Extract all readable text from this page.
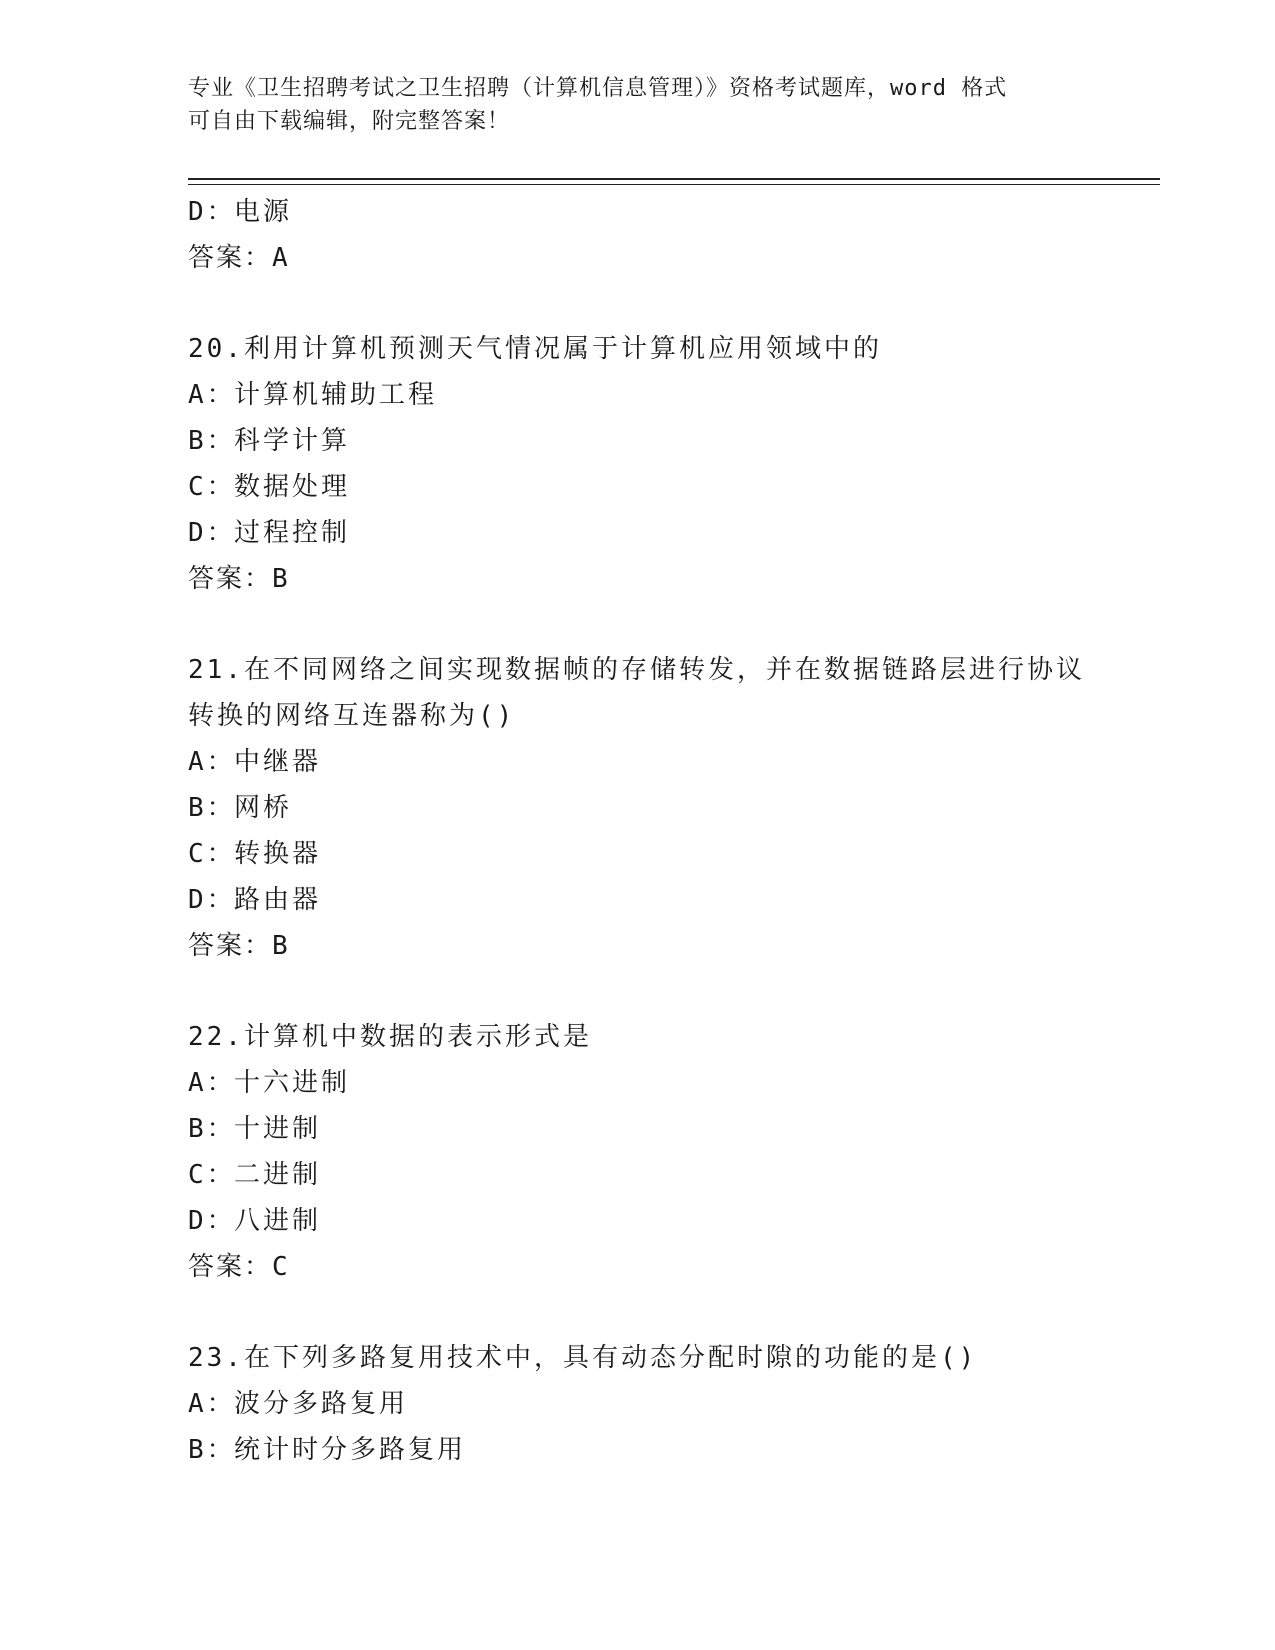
专业《卫生招聘考试之卫生招聘（计算机信息管理）》资格考试题库，word 格式
可自由下载编辑，附完整答案！
D：电源
答案：A
20.利用计算机预测天气情况属于计算机应用领域中的
A：计算机辅助工程
B：科学计算
C：数据处理
D：过程控制
答案：B
21.在不同网络之间实现数据帧的存储转发，并在数据链路层进行协议
转换的网络互连器称为()
A：中继器
B：网桥
C：转换器
D：路由器
答案：B
22.计算机中数据的表示形式是
A：十六进制
B：十进制
C：二进制
D：八进制
答案：C
23.在下列多路复用技术中，具有动态分配时隙的功能的是()
A：波分多路复用
B：统计时分多路复用
